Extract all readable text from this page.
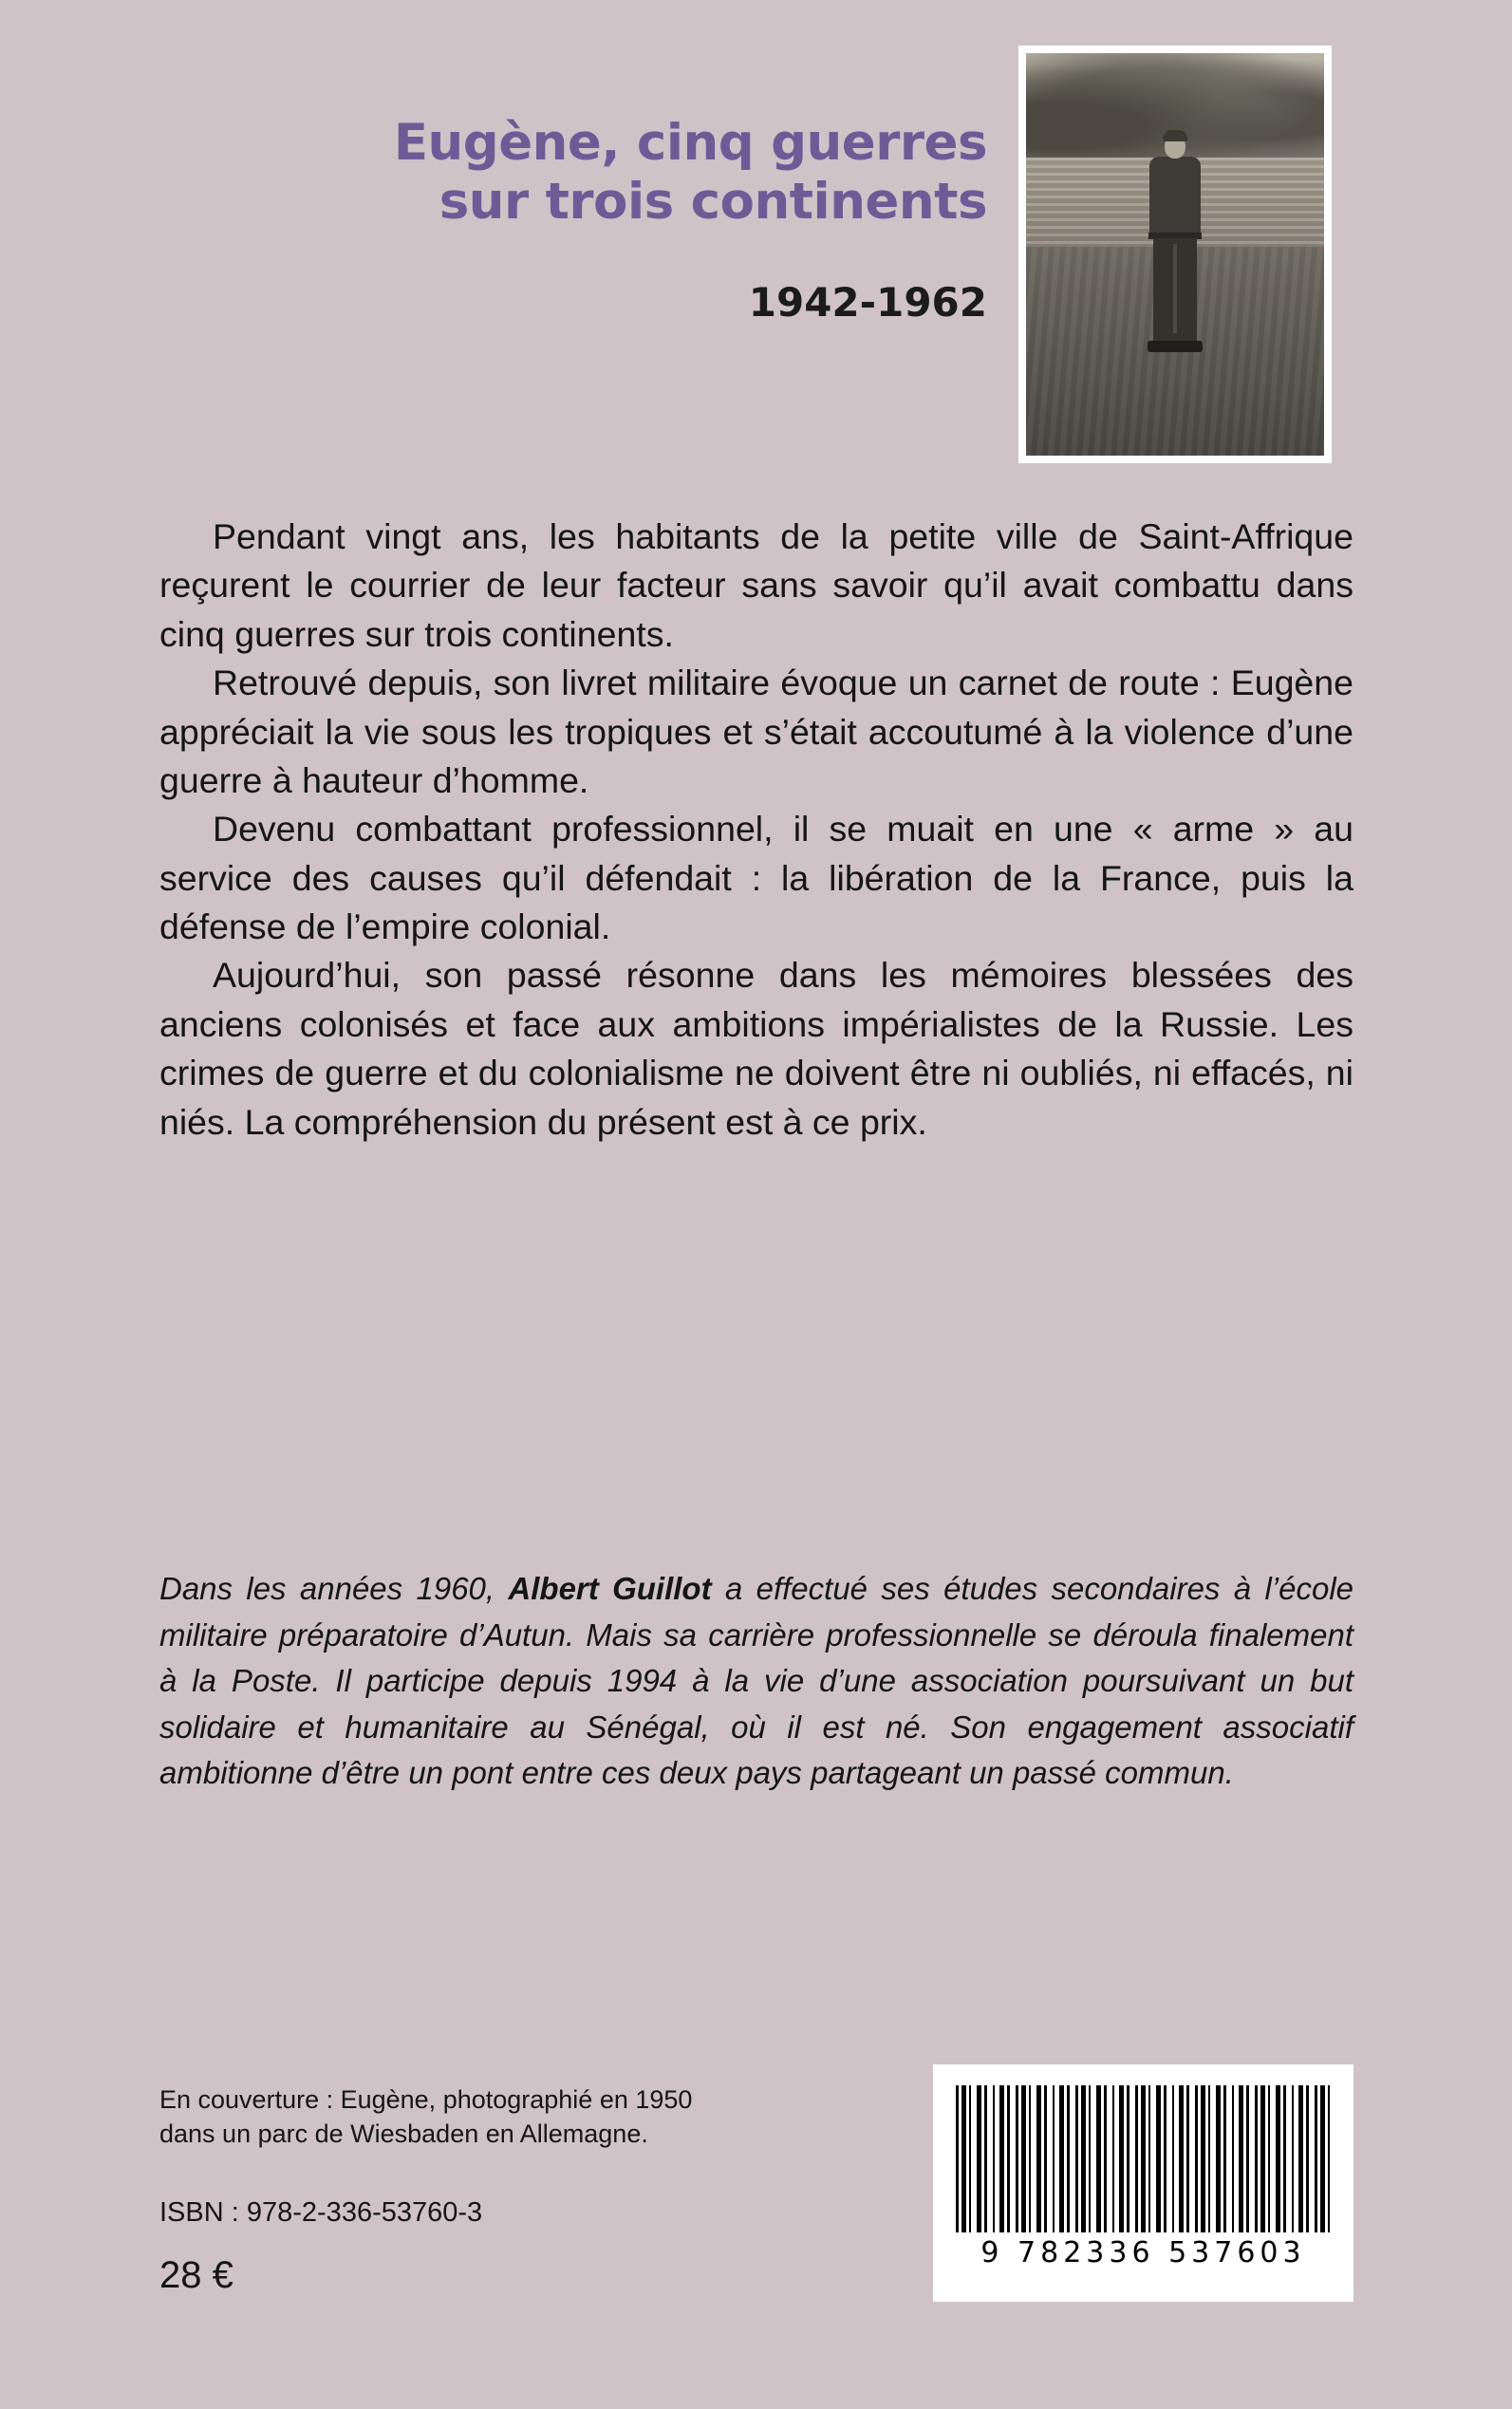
Eugène, cinq guerres
sur trois continents
1942-1962

Pendant vingt ans, les habitants de la petite ville de Saint-Affrique reçurent le courrier de leur facteur sans savoir qu’il avait combattu dans cinq guerres sur trois continents.

Retrouvé depuis, son livret militaire évoque un carnet de route : Eugène appréciait la vie sous les tropiques et s’était accoutumé à la violence d’une guerre à hauteur d’homme.

Devenu combattant professionnel, il se muait en une « arme » au service des causes qu’il défendait : la libération de la France, puis la défense de l’empire colonial.

Aujourd’hui, son passé résonne dans les mémoires blessées des anciens colonisés et face aux ambitions impérialistes de la Russie. Les crimes de guerre et du colonialisme ne doivent être ni oubliés, ni effacés, ni niés. La compréhension du présent est à ce prix.

Dans les années 1960, Albert Guillot a effectué ses études secondaires à l’école militaire préparatoire d’Autun. Mais sa carrière professionnelle se déroula finalement à la Poste. Il participe depuis 1994 à la vie d’une association poursuivant un but solidaire et humanitaire au Sénégal, où il est né. Son engagement associatif ambitionne d’être un pont entre ces deux pays partageant un passé commun.
En couverture : Eugène, photographié en 1950
dans un parc de Wiesbaden en Allemagne.
ISBN : 978-2-336-53760-3
28 €
9 782336 537603
